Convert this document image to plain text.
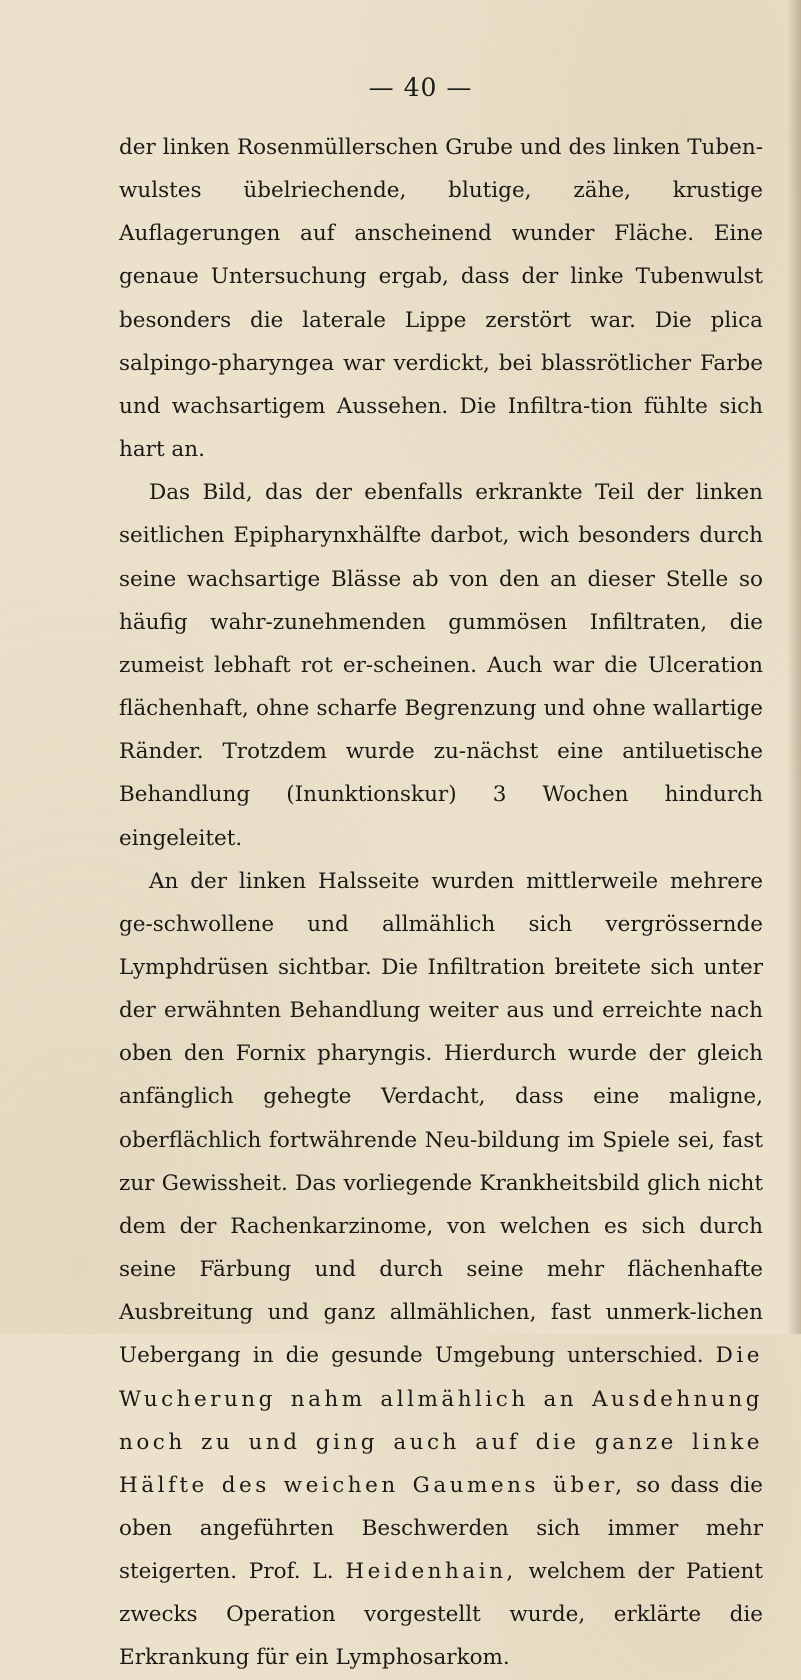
— 40 —

der linken Rosenmüllerschen Grube und des linken Tuben-wulstes übelriechende, blutige, zähe, krustige Auflagerungen auf anscheinend wunder Fläche. Eine genaue Untersuchung ergab, dass der linke Tubenwulst besonders die laterale Lippe zerstört war. Die plica salpingo-pharyngea war verdickt, bei blassrötlicher Farbe und wachsartigem Aussehen. Die Infiltra-tion fühlte sich hart an.

Das Bild, das der ebenfalls erkrankte Teil der linken seitlichen Epipharynxhälfte darbot, wich besonders durch seine wachsartige Blässe ab von den an dieser Stelle so häufig wahr-zunehmenden gummösen Infiltraten, die zumeist lebhaft rot er-scheinen. Auch war die Ulceration flächenhaft, ohne scharfe Begrenzung und ohne wallartige Ränder. Trotzdem wurde zu-nächst eine antiluetische Behandlung (Inunktionskur) 3 Wochen hindurch eingeleitet.

An der linken Halsseite wurden mittlerweile mehrere ge-schwollene und allmählich sich vergrössernde Lymphdrüsen sichtbar. Die Infiltration breitete sich unter der erwähnten Behandlung weiter aus und erreichte nach oben den Fornix pharyngis. Hierdurch wurde der gleich anfänglich gehegte Verdacht, dass eine maligne, oberflächlich fortwährende Neu-bildung im Spiele sei, fast zur Gewissheit. Das vorliegende Krankheitsbild glich nicht dem der Rachenkarzinome, von welchen es sich durch seine Färbung und durch seine mehr flächenhafte Ausbreitung und ganz allmählichen, fast unmerk-lichen Uebergang in die gesunde Umgebung unterschied. Die Wucherung nahm allmählich an Ausdehnung noch zu und ging auch auf die ganze linke Hälfte des weichen Gaumens über, so dass die oben angeführten Beschwerden sich immer mehr steigerten. Prof. L. Heidenhain, welchem der Patient zwecks Operation vorgestellt wurde, erklärte die Erkrankung für ein Lymphosarkom.
